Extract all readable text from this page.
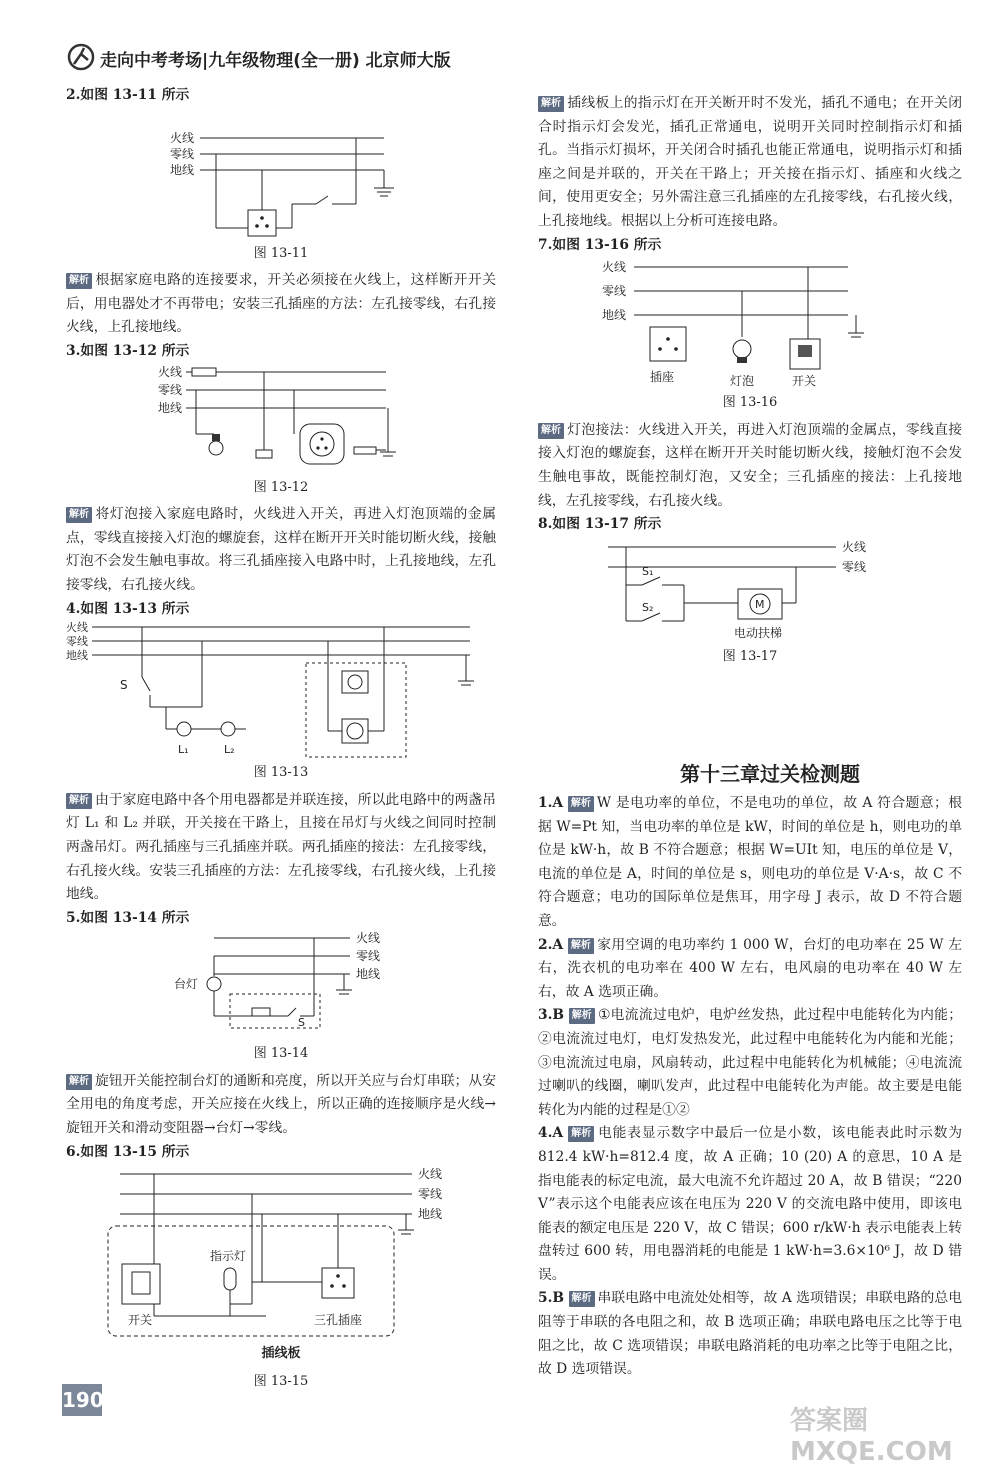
走向中考考场|九年级物理(全一册) 北京师大版

2.如图 13-11 所示

火线
零线
地线
图 13-11

解析 根据家庭电路的连接要求，开关必须接在火线上，这样断开开关后，用电器处才不再带电；安装三孔插座的方法：左孔接零线，右孔接火线，上孔接地线。

3.如图 13-12 所示

火线
零线
地线
图 13-12

解析 将灯泡接入家庭电路时，火线进入开关，再进入灯泡顶端的金属点，零线直接接入灯泡的螺旋套，这样在断开开关时能切断火线，接触灯泡不会发生触电事故。将三孔插座接入电路中时，上孔接地线，左孔接零线，右孔接火线。

4.如图 13-13 所示

火线
零线
地线
S
L₁	L₂
图 13-13

解析 由于家庭电路中各个用电器都是并联连接，所以此电路中的两盏吊灯 L₁ 和 L₂ 并联，开关接在干路上，且接在吊灯与火线之间同时控制两盏吊灯。两孔插座与三孔插座并联。两孔插座的接法：左孔接零线，右孔接火线。安装三孔插座的方法：左孔接零线，右孔接火线，上孔接地线。

5.如图 13-14 所示

火线
零线
地线
台灯
S
图 13-14

解析 旋钮开关能控制台灯的通断和亮度，所以开关应与台灯串联；从安全用电的角度考虑，开关应接在火线上，所以正确的连接顺序是火线→旋钮开关和滑动变阻器→台灯→零线。

6.如图 13-15 所示

火线
零线
地线
开关
指示灯
三孔插座
插线板
图 13-15

解析 插线板上的指示灯在开关断开时不发光，插孔不通电；在开关闭合时指示灯会发光，插孔正常通电，说明开关同时控制指示灯和插孔。当指示灯损坏，开关闭合时插孔也能正常通电，说明指示灯和插座之间是并联的，开关在干路上；开关接在指示灯、插座和火线之间，使用更安全；另外需注意三孔插座的左孔接零线，右孔接火线，上孔接地线。根据以上分析可连接电路。

7.如图 13-16 所示

火线
零线
地线
插座	灯泡	开关
图 13-16

解析 灯泡接法：火线进入开关，再进入灯泡顶端的金属点，零线直接接入灯泡的螺旋套，这样在断开开关时能切断火线，接触灯泡不会发生触电事故，既能控制灯泡，又安全；三孔插座的接法：上孔接地线，左孔接零线，右孔接火线。

8.如图 13-17 所示

火线
零线
S₁
S₂	M
电动扶梯
图 13-17
第十三章过关检测题

1.A 解析 W 是电功率的单位，不是电功的单位，故 A 符合题意；根据 W=Pt 知，当电功率的单位是 kW，时间的单位是 h，则电功的单位是 kW·h，故 B 不符合题意；根据 W=UIt 知，电压的单位是 V，电流的单位是 A，时间的单位是 s，则电功的单位是 V·A·s，故 C 不符合题意；电功的国际单位是焦耳，用字母 J 表示，故 D 不符合题意。

2.A 解析 家用空调的电功率约 1 000 W，台灯的电功率在 25 W 左右，洗衣机的电功率在 400 W 左右，电风扇的电功率在 40 W 左右，故 A 选项正确。

3.B 解析 ①电流流过电炉，电炉丝发热，此过程中电能转化为内能；②电流流过电灯，电灯发热发光，此过程中电能转化为内能和光能；③电流流过电扇，风扇转动，此过程中电能转化为机械能；④电流流过喇叭的线圈，喇叭发声，此过程中电能转化为声能。故主要是电能转化为内能的过程是①②

4.A 解析 电能表显示数字中最后一位是小数，该电能表此时示数为 812.4 kW·h=812.4 度，故 A 正确；10 (20) A 的意思，10 A 是指电能表的标定电流，最大电流不允许超过 20 A，故 B 错误；“220 V”表示这个电能表应该在电压为 220 V 的交流电路中使用，即该电能表的额定电压是 220 V，故 C 错误；600 r/kW·h 表示电能表上转盘转过 600 转，用电器消耗的电能是 1 kW·h=3.6×10⁶ J，故 D 错误。

5.B 解析 串联电路中电流处处相等，故 A 选项错误；串联电路的总电阻等于串联的各电阻之和，故 B 选项正确；串联电路电压之比等于电阻之比，故 C 选项错误；串联电路消耗的电功率之比等于电阻之比，故 D 选项错误。

190
答案圈 MXQE.COM
